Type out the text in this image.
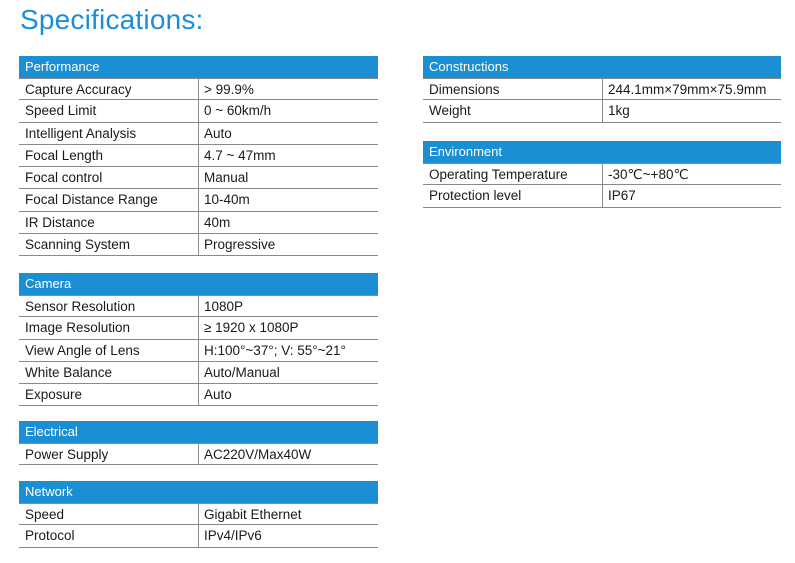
Specifications:
Performance
Capture Accuracy	> 99.9%
Speed Limit	0 ~ 60km/h
Intelligent Analysis	Auto
Focal Length	4.7 ~ 47mm
Focal control	Manual
Focal Distance Range	10-40m
IR Distance	40m
Scanning System	Progressive
Camera
Sensor Resolution	1080P
Image Resolution	≥ 1920 x 1080P
View Angle of Lens	H:100°~37°; V: 55°~21°
White Balance	Auto/Manual
Exposure	Auto
Electrical
Power Supply	AC220V/Max40W
Network
Speed	Gigabit Ethernet
Protocol	IPv4/IPv6
Constructions
Dimensions	244.1mm×79mm×75.9mm
Weight	1kg
Environment
Operating Temperature	-30℃~+80℃
Protection level	IP67
